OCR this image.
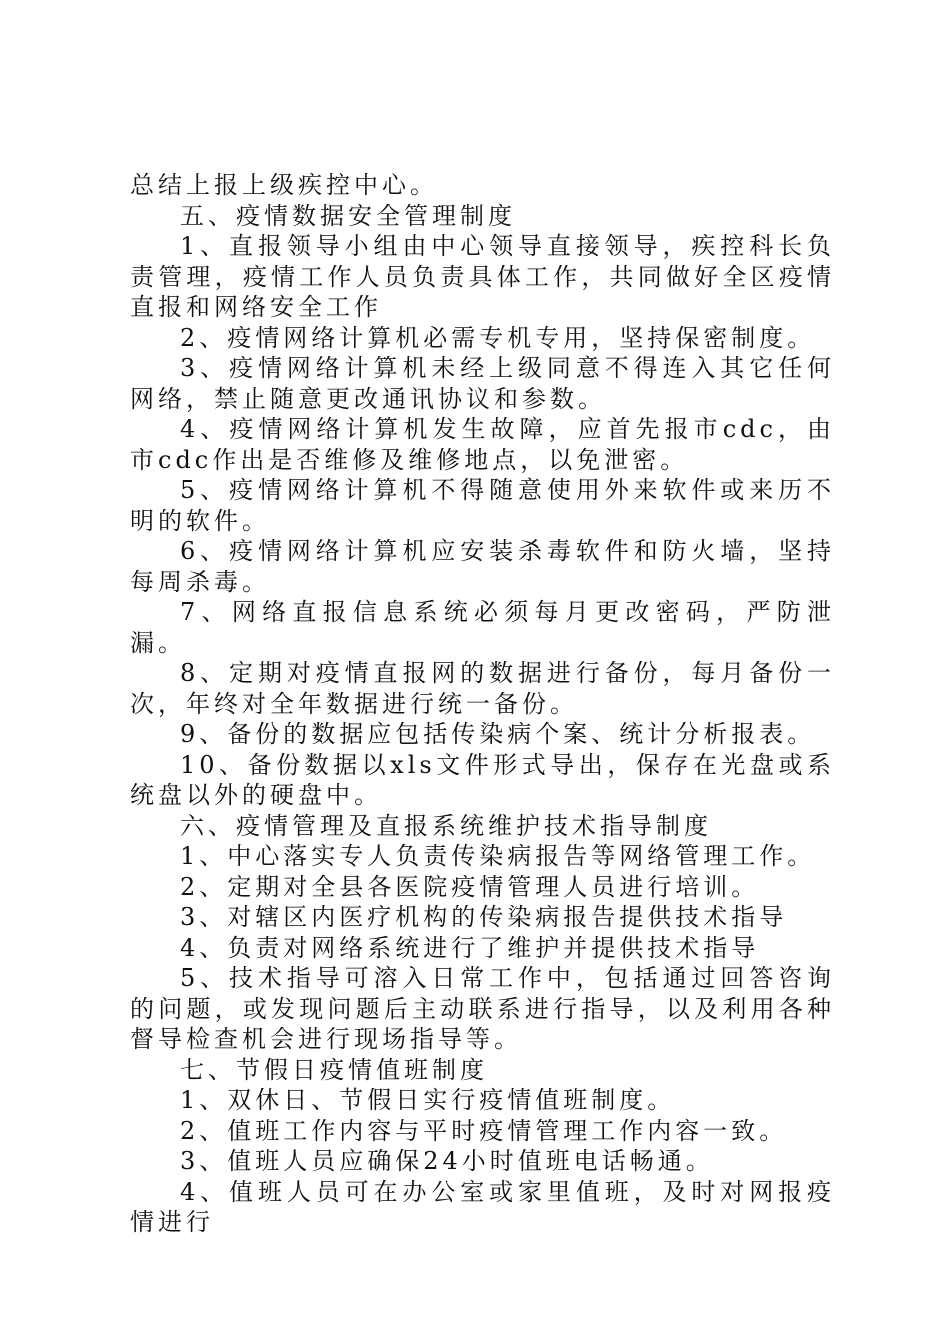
总结上报上级疾控中心。

五、疫情数据安全管理制度

1、直报领导小组由中心领导直接领导，疾控科长负责管理，疫情工作人员负责具体工作，共同做好全区疫情直报和网络安全工作

2、疫情网络计算机必需专机专用，坚持保密制度。

3、疫情网络计算机未经上级同意不得连入其它任何网络，禁止随意更改通讯协议和参数。

4、疫情网络计算机发生故障，应首先报市cdc，由市cdc作出是否维修及维修地点，以免泄密。

5、疫情网络计算机不得随意使用外来软件或来历不明的软件。

6、疫情网络计算机应安装杀毒软件和防火墙，坚持每周杀毒。

7、网络直报信息系统必须每月更改密码，严防泄漏。

8、定期对疫情直报网的数据进行备份，每月备份一次，年终对全年数据进行统一备份。

9、备份的数据应包括传染病个案、统计分析报表。

10、备份数据以xls文件形式导出，保存在光盘或系统盘以外的硬盘中。

六、疫情管理及直报系统维护技术指导制度

1、中心落实专人负责传染病报告等网络管理工作。

2、定期对全县各医院疫情管理人员进行培训。

3、对辖区内医疗机构的传染病报告提供技术指导

4、负责对网络系统进行了维护并提供技术指导

5、技术指导可溶入日常工作中，包括通过回答咨询的问题，或发现问题后主动联系进行指导，以及利用各种督导检查机会进行现场指导等。

七、节假日疫情值班制度

1、双休日、节假日实行疫情值班制度。

2、值班工作内容与平时疫情管理工作内容一致。

3、值班人员应确保24小时值班电话畅通。

4、值班人员可在办公室或家里值班，及时对网报疫情进行
